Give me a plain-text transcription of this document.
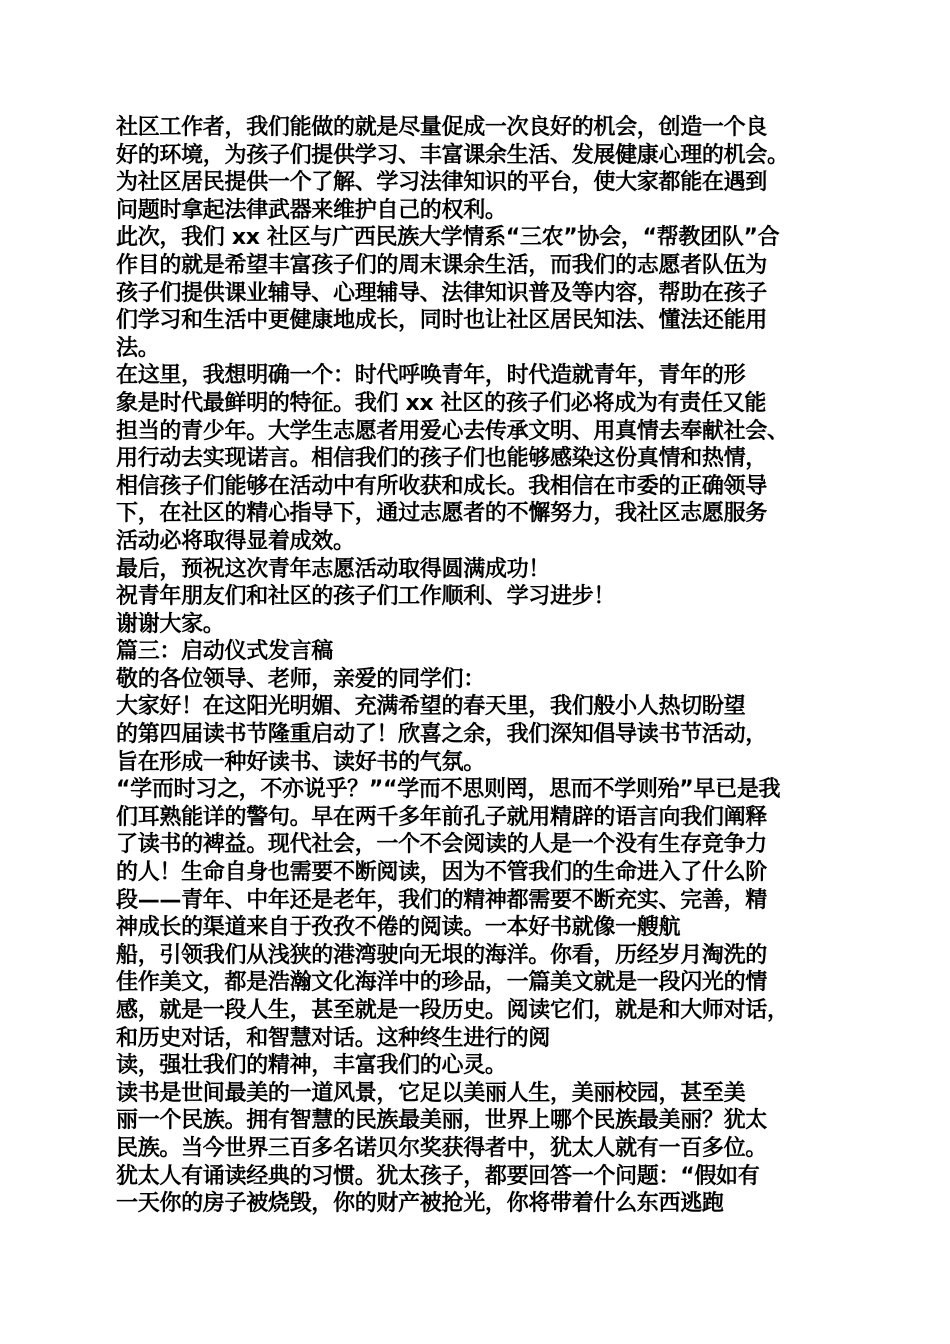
社区工作者，我们能做的就是尽量促成一次良好的机会，创造一个良
好的环境，为孩子们提供学习、丰富课余生活、发展健康心理的机会。
为社区居民提供一个了解、学习法律知识的平台，使大家都能在遇到
问题时拿起法律武器来维护自己的权利。
此次，我们 xx 社区与广西民族大学情系“三农”协会，“帮教团队”合
作目的就是希望丰富孩子们的周末课余生活，而我们的志愿者队伍为
孩子们提供课业辅导、心理辅导、法律知识普及等内容，帮助在孩子
们学习和生活中更健康地成长，同时也让社区居民知法、懂法还能用
法。
在这里，我想明确一个：时代呼唤青年，时代造就青年，青年的形
象是时代最鲜明的特征。我们 xx 社区的孩子们必将成为有责任又能
担当的青少年。大学生志愿者用爱心去传承文明、用真情去奉献社会、
用行动去实现诺言。相信我们的孩子们也能够感染这份真情和热情，
相信孩子们能够在活动中有所收获和成长。我相信在市委的正确领导
下，在社区的精心指导下，通过志愿者的不懈努力，我社区志愿服务
活动必将取得显着成效。
最后，预祝这次青年志愿活动取得圆满成功！
祝青年朋友们和社区的孩子们工作顺利、学习进步！
谢谢大家。
篇三：启动仪式发言稿
敬的各位领导、老师，亲爱的同学们：
大家好！在这阳光明媚、充满希望的春天里，我们般小人热切盼望
的第四届读书节隆重启动了！欣喜之余，我们深知倡导读书节活动，
旨在形成一种好读书、读好书的气氛。
“学而时习之，不亦说乎？”“学而不思则罔，思而不学则殆”早已是我
们耳熟能详的警句。早在两千多年前孔子就用精辟的语言向我们阐释
了读书的裨益。现代社会，一个不会阅读的人是一个没有生存竞争力
的人！生命自身也需要不断阅读，因为不管我们的生命进入了什么阶
段——青年、中年还是老年，我们的精神都需要不断充实、完善，精
神成长的渠道来自于孜孜不倦的阅读。一本好书就像一艘航
船，引领我们从浅狭的港湾驶向无垠的海洋。你看，历经岁月淘洗的
佳作美文，都是浩瀚文化海洋中的珍品，一篇美文就是一段闪光的情
感，就是一段人生，甚至就是一段历史。阅读它们，就是和大师对话，
和历史对话，和智慧对话。这种终生进行的阅
读，强壮我们的精神，丰富我们的心灵。
读书是世间最美的一道风景，它足以美丽人生，美丽校园，甚至美
丽一个民族。拥有智慧的民族最美丽，世界上哪个民族最美丽？犹太
民族。当今世界三百多名诺贝尔奖获得者中，犹太人就有一百多位。
犹太人有诵读经典的习惯。犹太孩子，都要回答一个问题：“假如有
一天你的房子被烧毁，你的财产被抢光，你将带着什么东西逃跑
